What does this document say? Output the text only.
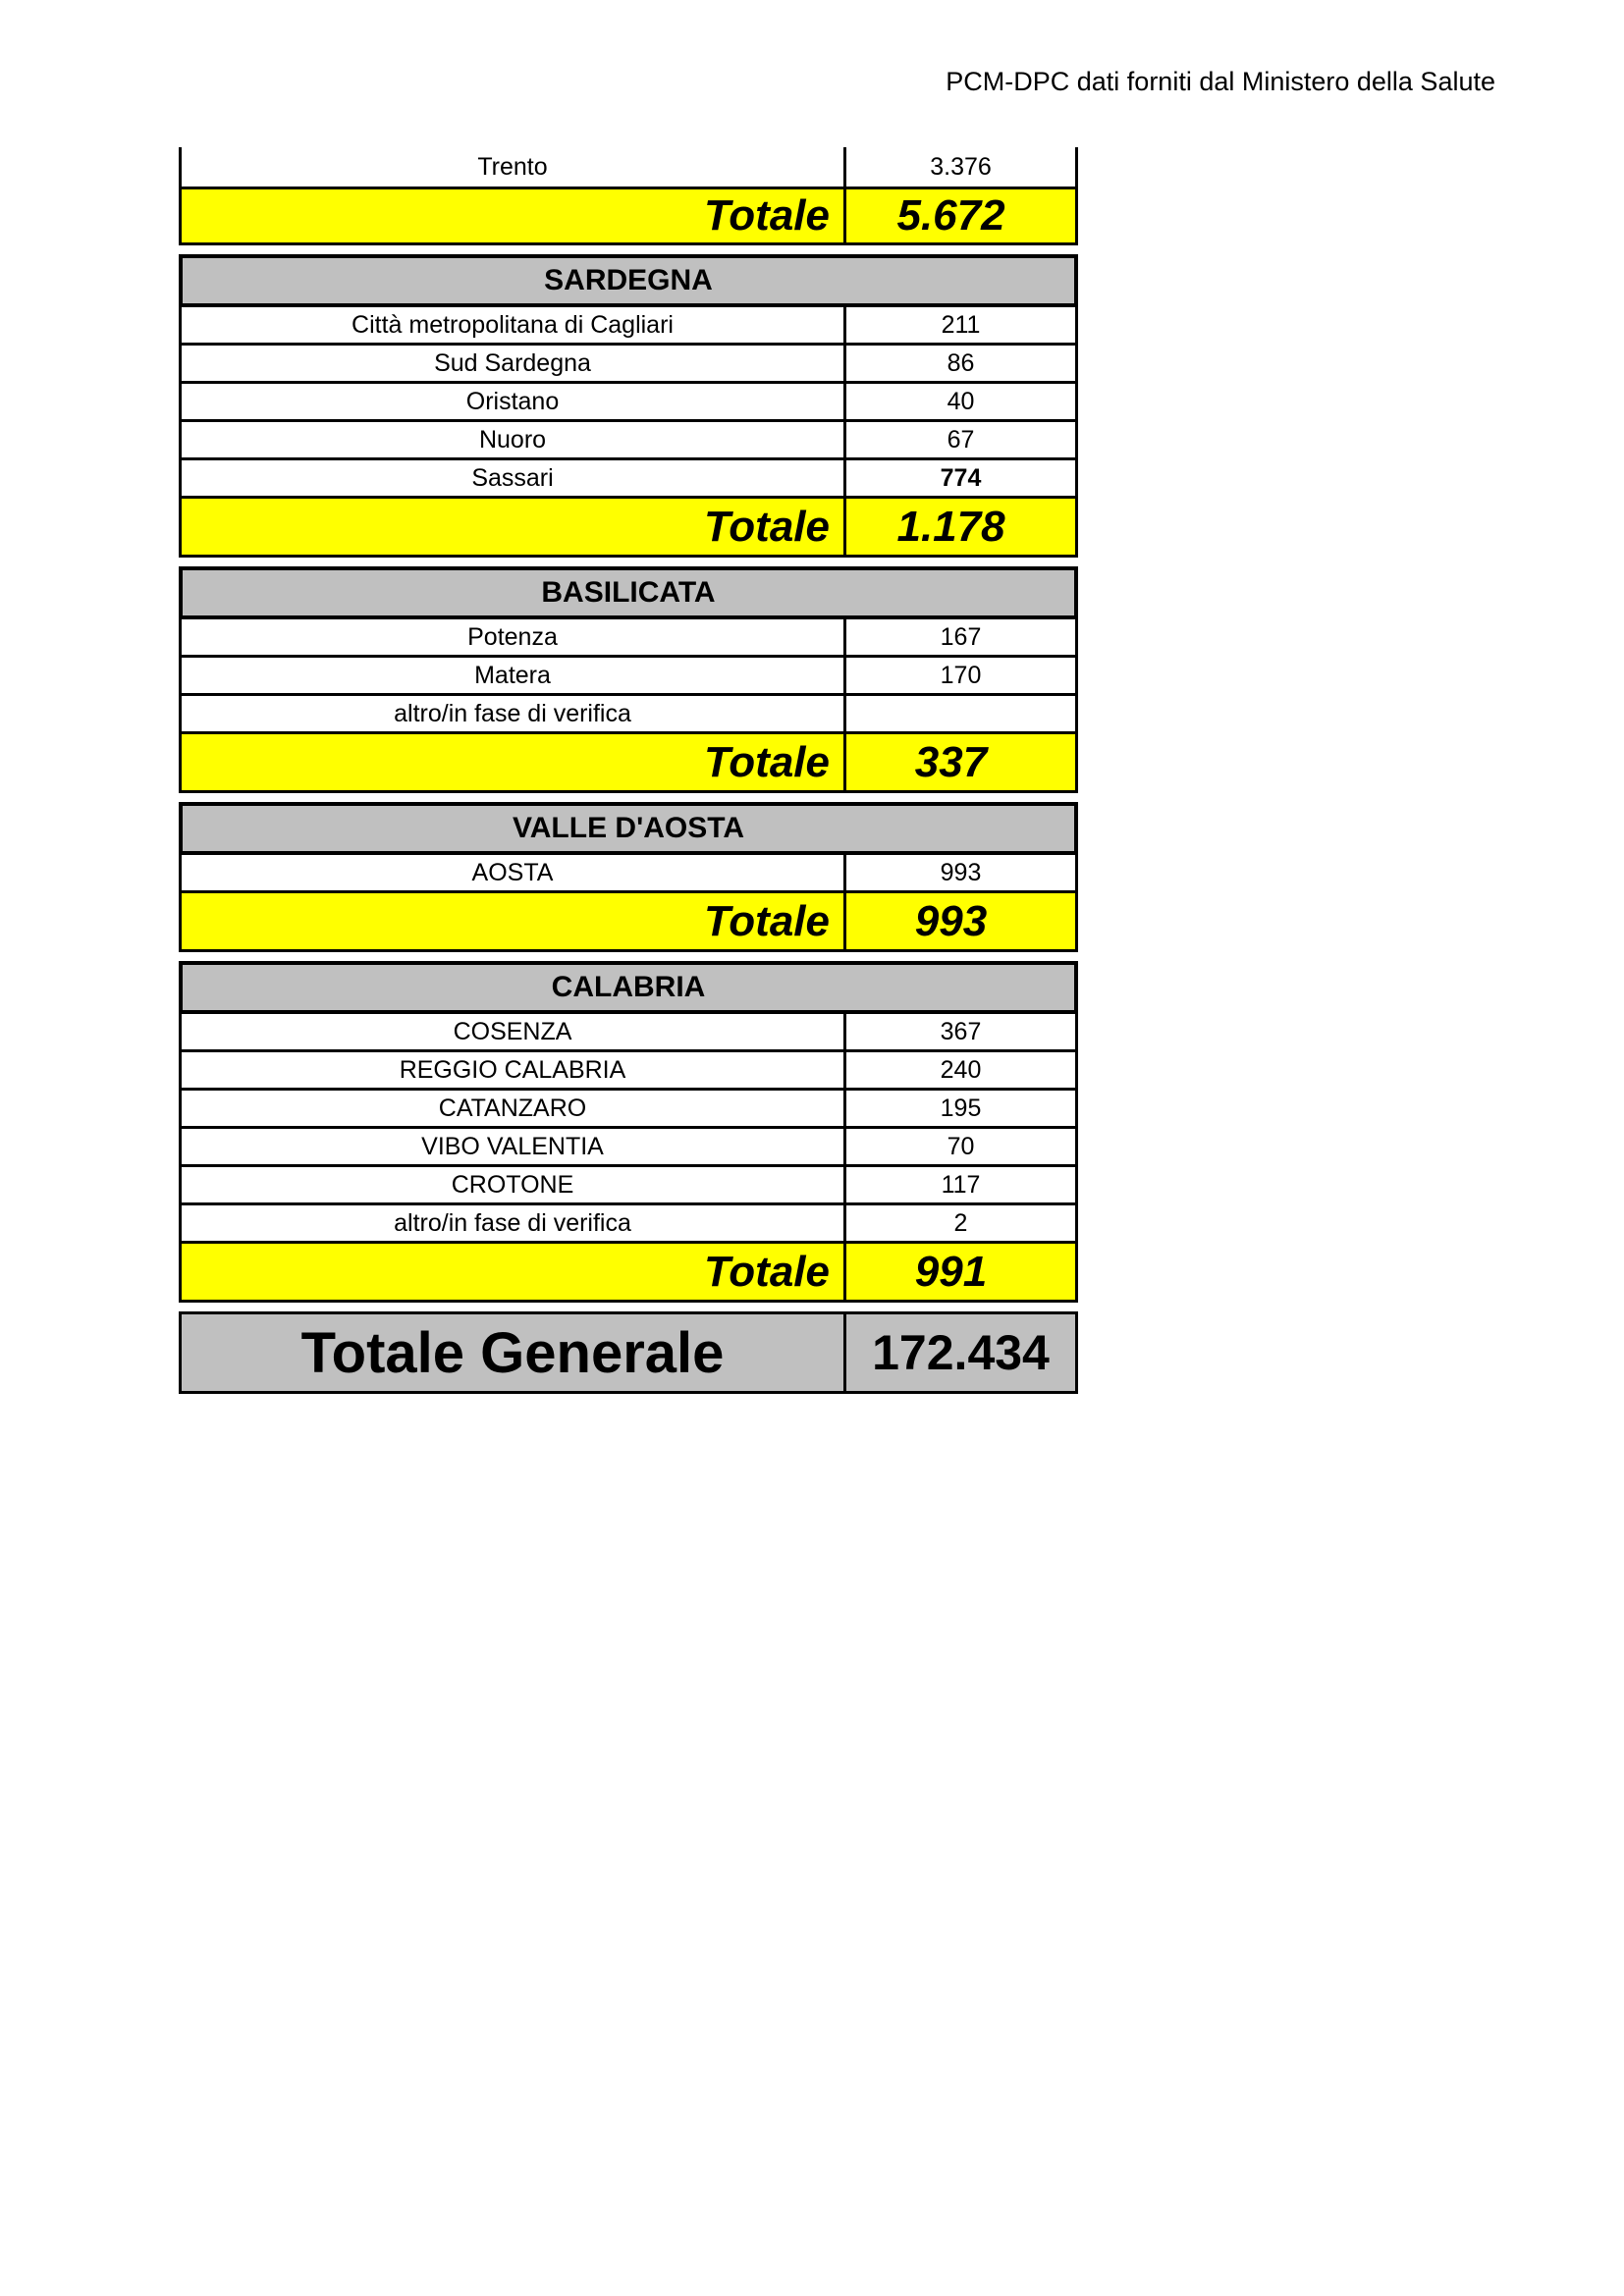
PCM-DPC dati forniti dal Ministero della Salute
Trento	3.376
Totale	5.672
SARDEGNA
Città metropolitana di Cagliari	211
Sud Sardegna	86
Oristano	40
Nuoro	67
Sassari	774
Totale	1.178
BASILICATA
Potenza	167
Matera	170
altro/in fase di verifica
Totale	337
VALLE D'AOSTA
AOSTA	993
Totale	993
CALABRIA
COSENZA	367
REGGIO CALABRIA	240
CATANZARO	195
VIBO VALENTIA	70
CROTONE	117
altro/in fase di verifica	2
Totale	991
Totale Generale	172.434
